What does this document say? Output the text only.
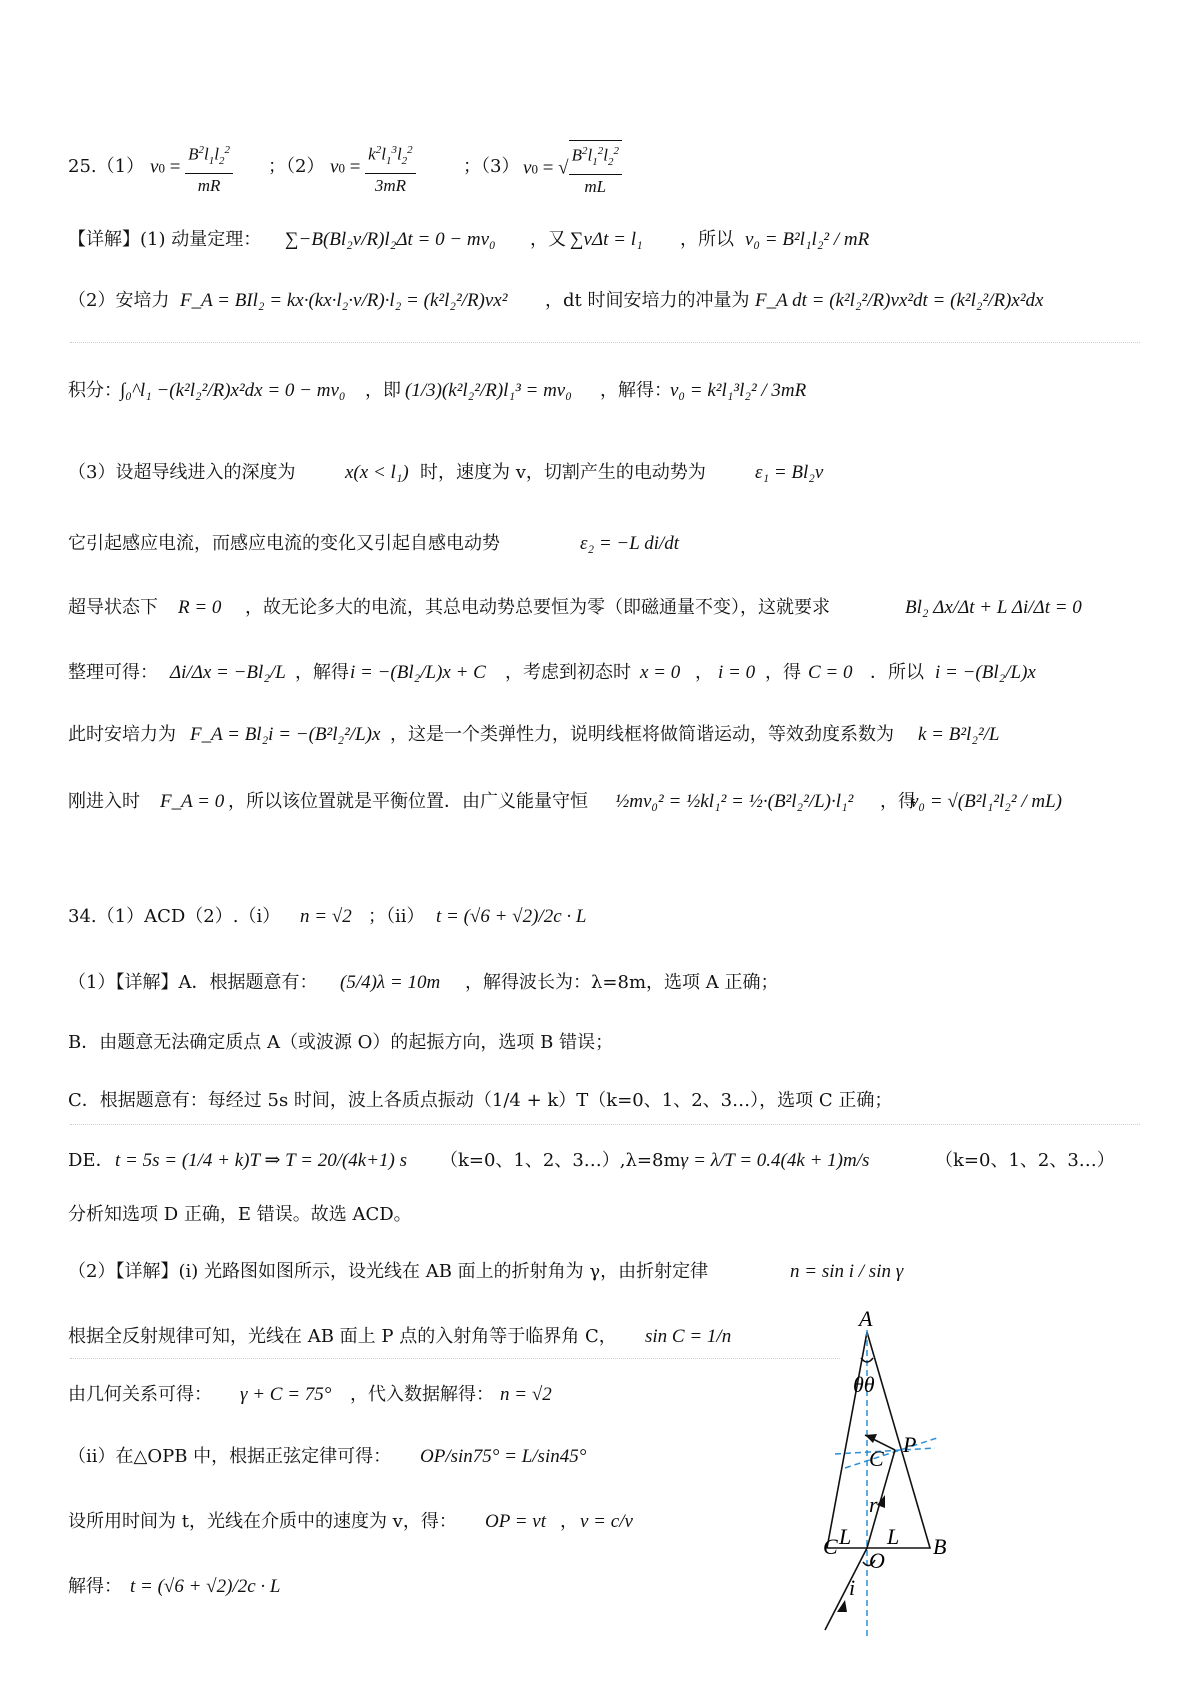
25.（1） $v0 = \frac{B^2l_1l_2^2}{mR}$ ；（2） $v0 = \frac{k^2l_1^3l_2^2}{3mR}$	；（3） v0 = √ $\frac{B^2l_1^2l_2^2}{mL}$
【详解】(1) 动量定理： ∑−B(Bl₂v/R)l₂Δt = 0 − mv₀ ，又 ∑vΔt = l₁ ，所以 v₀ = B²l₁l₂² / mR
（2）安培力 F_A = BIl₂ = kx·(kx·l₂·v/R)·l₂ = (k²l₂²/R)vx² ，dt 时间安培力的冲量为 F_A dt = (k²l₂²/R)vx²dt = (k²l₂²/R)x²dx
积分：
∫₀^l₁ −(k²l₂²/R)x²dx = 0 − mv₀ ，即 (1/3)(k²l₂²/R)l₁³ = mv₀ ，解得：
v₀ = k²l₁³l₂² / 3mR
（3）设超导线进入的深度为	x(x < l₁) 时，速度为 v，切割产生的电动势为	ε₁ = Bl₂v
它引起感应电流，而感应电流的变化又引起自感电动势	ε₂ = −L di/dt
超导状态下 R = 0 ，故无论多大的电流，其总电动势总要恒为零（即磁通量不变），这就要求	Bl₂ Δx/Δt + L Δi/Δt = 0
整理可得： Δi/Δx = −Bl₂/L ，解得 i = −(Bl₂/L)x + C ，考虑到初态时 x = 0 ， i = 0 ，得 C = 0 ．所以 i = −(Bl₂/L)x
此时安培力为 F_A = Bl₂i = −(B²l₂²/L)x ，这是一个类弹性力，说明线框将做简谐运动，等效劲度系数为 k = B²l₂²/L
刚进入时 F_A = 0 ，所以该位置就是平衡位置．由广义能量守恒 ½mv₀² = ½kl₁² = ½·(B²l₂²/L)·l₁² ，得
v₀ = √(B²l₁²l₂² / mL)
34.（1）ACD（2）.（i） n = √2 ；（ii） t = (√6 + √2)/2c · L
（1）【详解】A．根据题意有： (5/4)λ = 10m ，解得波长为：λ=8m，选项 A 正确；
B．由题意无法确定质点 A（或波源 O）的起振方向，选项 B 错误；
C．根据题意有：每经过 5s 时间，波上各质点振动（1/4 + k）T（k=0、1、2、3…），选项 C 正确；
DE． t = 5s = (1/4 + k)T ⇒ T = 20/(4k+1) s （k=0、1、2、3…）,λ=8m，
v = λ/T = 0.4(4k + 1)m/s	（k=0、1、2、3…）
分析知选项 D 正确，E 错误。故选 ACD。
（2）【详解】(i) 光路图如图所示，设光线在 AB 面上的折射角为 γ，由折射定律	n = sin i / sin γ
根据全反射规律可知，光线在 AB 面上 P 点的入射角等于临界角 C， sin C = 1/n
由几何关系可得： γ + C = 75° ，代入数据解得： n = √2
（ii）在△OPB 中，根据正弦定律可得： OP/sin75° = L/sin45°
设所用时间为 t，光线在介质中的速度为 v，得： OP = vt ， v = c/v
解得： t = (√6 + √2)/2c · L
A
B
C
O
P
C
r
i
L L
θθ
